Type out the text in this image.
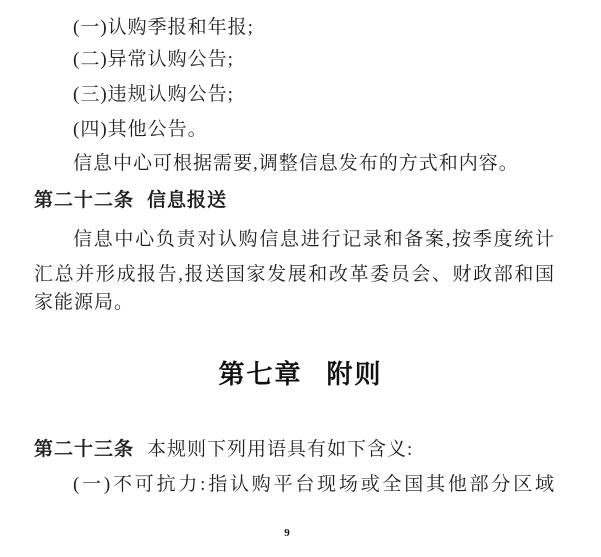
(一)认购季报和年报;
(二)异常认购公告;
(三)违规认购公告;
(四)其他公告。
信息中心可根据需要,调整信息发布的方式和内容。
第二十二条 信息报送
信息中心负责对认购信息进行记录和备案,按季度统计
汇总并形成报告,报送国家发展和改革委员会、财政部和国
家能源局。
第七章 附则
第二十三条 本规则下列用语具有如下含义:
(一)不可抗力:指认购平台现场或全国其他部分区域
9
